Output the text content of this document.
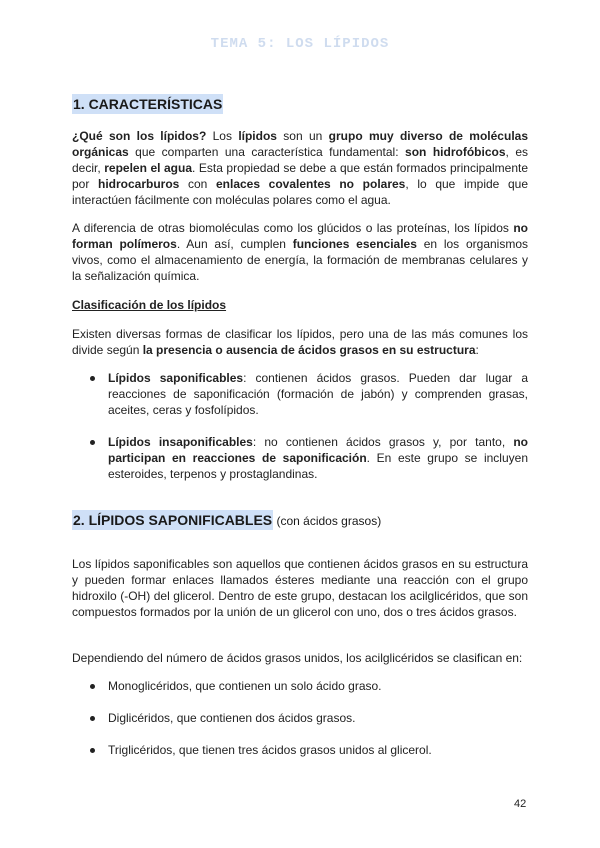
TEMA 5: LOS LÍPIDOS
1. CARACTERÍSTICAS
¿Qué son los lípidos? Los lípidos son un grupo muy diverso de moléculas orgánicas que comparten una característica fundamental: son hidrofóbicos, es decir, repelen el agua. Esta propiedad se debe a que están formados principalmente por hidrocarburos con enlaces covalentes no polares, lo que impide que interactúen fácilmente con moléculas polares como el agua.
A diferencia de otras biomoléculas como los glúcidos o las proteínas, los lípidos no forman polímeros. Aun así, cumplen funciones esenciales en los organismos vivos, como el almacenamiento de energía, la formación de membranas celulares y la señalización química.
Clasificación de los lípidos
Existen diversas formas de clasificar los lípidos, pero una de las más comunes los divide según la presencia o ausencia de ácidos grasos en su estructura:
Lípidos saponificables: contienen ácidos grasos. Pueden dar lugar a reacciones de saponificación (formación de jabón) y comprenden grasas, aceites, ceras y fosfolípidos.
Lípidos insaponificables: no contienen ácidos grasos y, por tanto, no participan en reacciones de saponificación. En este grupo se incluyen esteroides, terpenos y prostaglandinas.
2. LÍPIDOS SAPONIFICABLES (con ácidos grasos)
Los lípidos saponificables son aquellos que contienen ácidos grasos en su estructura y pueden formar enlaces llamados ésteres mediante una reacción con el grupo hidroxilo (-OH) del glicerol. Dentro de este grupo, destacan los acilglicéridos, que son compuestos formados por la unión de un glicerol con uno, dos o tres ácidos grasos.
Dependiendo del número de ácidos grasos unidos, los acilglicéridos se clasifican en:
Monoglicéridos, que contienen un solo ácido graso.
Diglicéridos, que contienen dos ácidos grasos.
Triglicéridos, que tienen tres ácidos grasos unidos al glicerol.
42
